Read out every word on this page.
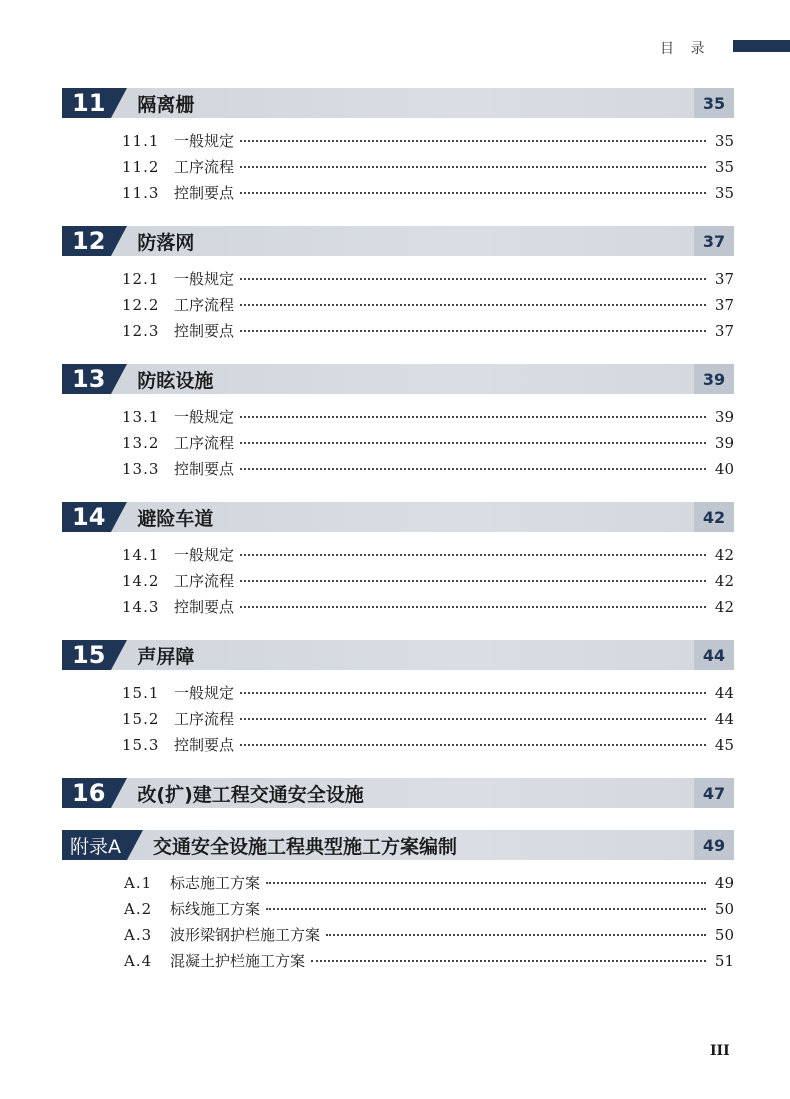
目 录
11	隔离栅	35
11.1 一般规定	35
11.2 工序流程	35
11.3 控制要点	35
12	防落网	37
12.1 一般规定	37
12.2 工序流程	37
12.3 控制要点	37
13	防眩设施	39
13.1 一般规定	39
13.2 工序流程	39
13.3 控制要点	40
14	避险车道	42
14.1 一般规定	42
14.2 工序流程	42
14.3 控制要点	42
15	声屏障	44
15.1 一般规定	44
15.2 工序流程	44
15.3 控制要点	45
16	改(扩)建工程交通安全设施	47
附录A	交通安全设施工程典型施工方案编制	49
A.1	标志施工方案	49
A.2	标线施工方案	50
A.3	波形梁钢护栏施工方案	50
A.4	混凝土护栏施工方案	51
III
